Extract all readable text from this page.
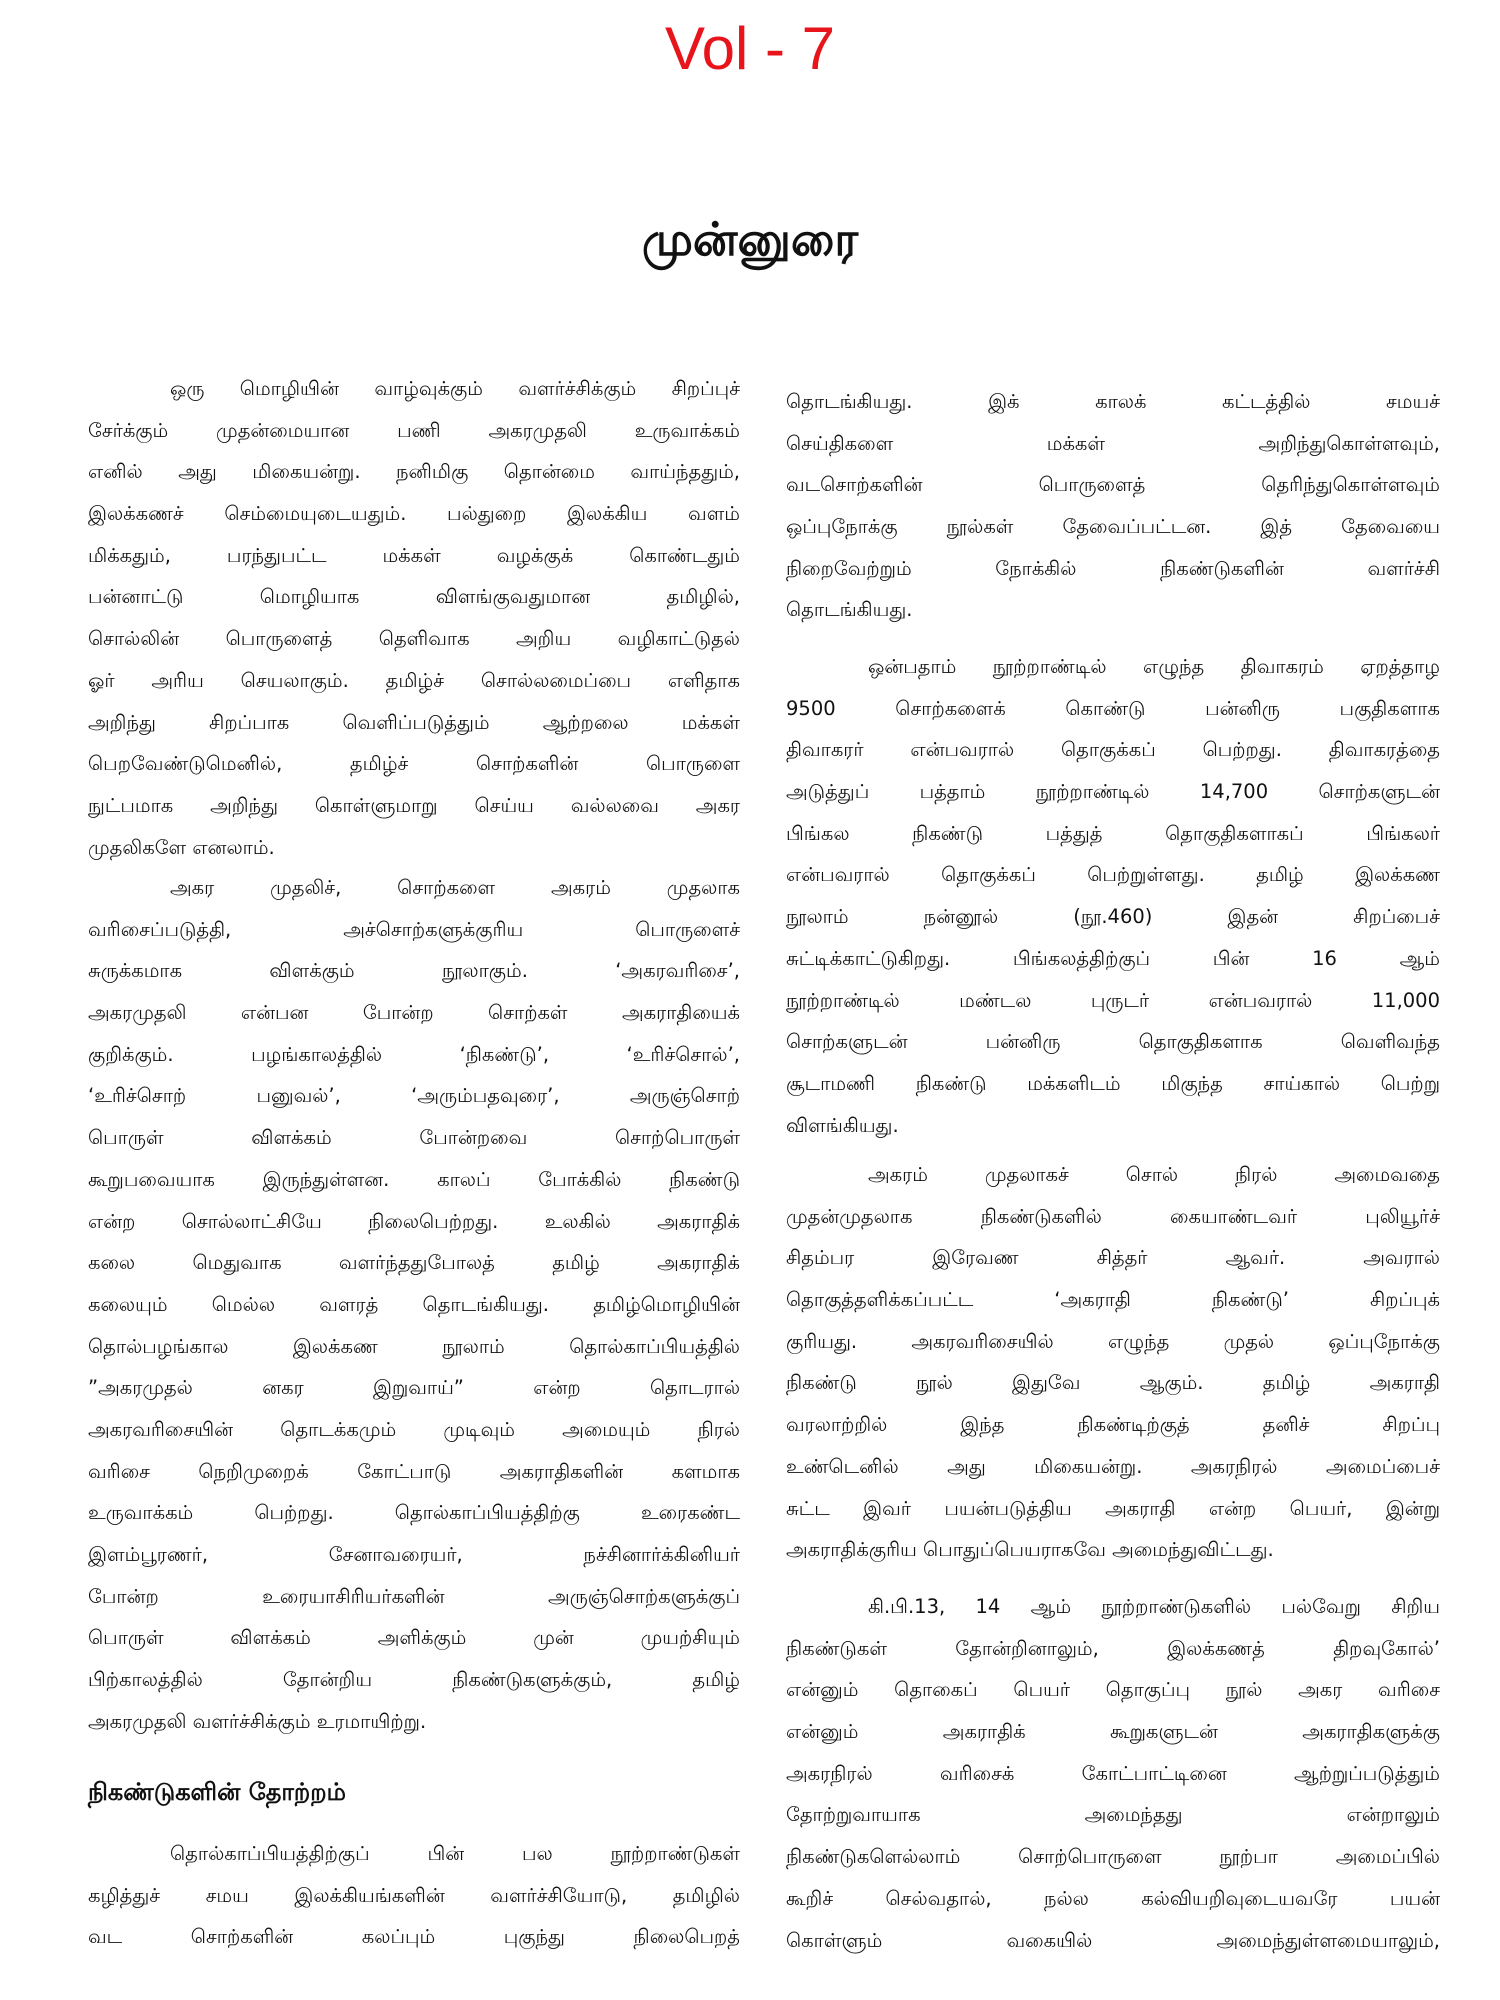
Vol - 7
முன்னுரை
ஒரு மொழியின் வாழ்வுக்கும் வளர்ச்சிக்கும் சிறப்புச்
சேர்க்கும் முதன்மையான பணி அகரமுதலி உருவாக்கம்
எனில் அது மிகையன்று. நனிமிகு தொன்மை வாய்ந்ததும்,
இலக்கணச் செம்மையுடையதும். பல்துறை இலக்கிய வளம்
மிக்கதும், பரந்துபட்ட மக்கள் வழக்குக் கொண்டதும்
பன்னாட்டு மொழியாக விளங்குவதுமான தமிழில்,
சொல்லின் பொருளைத் தெளிவாக அறிய வழிகாட்டுதல்
ஓர் அரிய செயலாகும். தமிழ்ச் சொல்லமைப்பை எளிதாக
அறிந்து சிறப்பாக வெளிப்படுத்தும் ஆற்றலை மக்கள்
பெறவேண்டுமெனில், தமிழ்ச் சொற்களின் பொருளை
நுட்பமாக அறிந்து கொள்ளுமாறு செய்ய வல்லவை அகர
முதலிகளே எனலாம்.
அகர முதலிச், சொற்களை அகரம் முதலாக
வரிசைப்படுத்தி, அச்சொற்களுக்குரிய பொருளைச்
சுருக்கமாக விளக்கும் நூலாகும். ‘அகரவரிசை’,
அகரமுதலி என்பன போன்ற சொற்கள் அகராதியைக்
குறிக்கும். பழங்காலத்தில் ‘நிகண்டு’, ‘உரிச்சொல்’,
‘உரிச்சொற் பனுவல்’, ‘அரும்பதவுரை’, அருஞ்சொற்
பொருள் விளக்கம் போன்றவை சொற்பொருள்
கூறுபவையாக இருந்துள்ளன. காலப் போக்கில் நிகண்டு
என்ற சொல்லாட்சியே நிலைபெற்றது. உலகில் அகராதிக்
கலை மெதுவாக வளர்ந்ததுபோலத் தமிழ் அகராதிக்
கலையும் மெல்ல வளரத் தொடங்கியது. தமிழ்மொழியின்
தொல்பழங்கால இலக்கண நூலாம் தொல்காப்பியத்தில்
”அகரமுதல் னகர இறுவாய்” என்ற தொடரால்
அகரவரிசையின் தொடக்கமும் முடிவும் அமையும் நிரல்
வரிசை நெறிமுறைக் கோட்பாடு அகராதிகளின் களமாக
உருவாக்கம் பெற்றது. தொல்காப்பியத்திற்கு உரைகண்ட
இளம்பூரணர், சேனாவரையர், நச்சினார்க்கினியர்
போன்ற உரையாசிரியர்களின் அருஞ்சொற்களுக்குப்
பொருள் விளக்கம் அளிக்கும் முன் முயற்சியும்
பிற்காலத்தில் தோன்றிய நிகண்டுகளுக்கும், தமிழ்
அகரமுதலி வளர்ச்சிக்கும் உரமாயிற்று.
நிகண்டுகளின் தோற்றம்
தொல்காப்பியத்திற்குப் பின் பல நூற்றாண்டுகள்
கழித்துச் சமய இலக்கியங்களின் வளர்ச்சியோடு, தமிழில்
வட சொற்களின் கலப்பும் புகுந்து நிலைபெறத்
தொடங்கியது. இக் காலக் கட்டத்தில் சமயச்
செய்திகளை மக்கள் அறிந்துகொள்ளவும்,
வடசொற்களின் பொருளைத் தெரிந்துகொள்ளவும்
ஒப்புநோக்கு நூல்கள் தேவைப்பட்டன. இத் தேவையை
நிறைவேற்றும் நோக்கில் நிகண்டுகளின் வளர்ச்சி
தொடங்கியது.
ஒன்பதாம் நூற்றாண்டில் எழுந்த திவாகரம் ஏறத்தாழ
9500 சொற்களைக் கொண்டு பன்னிரு பகுதிகளாக
திவாகரர் என்பவரால் தொகுக்கப் பெற்றது. திவாகரத்தை
அடுத்துப் பத்தாம் நூற்றாண்டில் 14,700 சொற்களுடன்
பிங்கல நிகண்டு பத்துத் தொகுதிகளாகப் பிங்கலர்
என்பவரால் தொகுக்கப் பெற்றுள்ளது. தமிழ் இலக்கண
நூலாம் நன்னூல் (நூ.460) இதன் சிறப்பைச்
சுட்டிக்காட்டுகிறது. பிங்கலத்திற்குப் பின் 16 ஆம்
நூற்றாண்டில் மண்டல புருடர் என்பவரால் 11,000
சொற்களுடன் பன்னிரு தொகுதிகளாக வெளிவந்த
சூடாமணி நிகண்டு மக்களிடம் மிகுந்த சாய்கால் பெற்று
விளங்கியது.
அகரம் முதலாகச் சொல் நிரல் அமைவதை
முதன்முதலாக நிகண்டுகளில் கையாண்டவர் புலியூர்ச்
சிதம்பர இரேவண சித்தர் ஆவர். அவரால்
தொகுத்தளிக்கப்பட்ட ‘அகராதி நிகண்டு’ சிறப்புக்
குரியது. அகரவரிசையில் எழுந்த முதல் ஒப்புநோக்கு
நிகண்டு நூல் இதுவே ஆகும். தமிழ் அகராதி
வரலாற்றில் இந்த நிகண்டிற்குத் தனிச் சிறப்பு
உண்டெனில் அது மிகையன்று. அகரநிரல் அமைப்பைச்
சுட்ட இவர் பயன்படுத்திய அகராதி என்ற பெயர், இன்று
அகராதிக்குரிய பொதுப்பெயராகவே அமைந்துவிட்டது.
கி.பி.13, 14 ஆம் நூற்றாண்டுகளில் பல்வேறு சிறிய
நிகண்டுகள் தோன்றினாலும், இலக்கணத் திறவுகோல்’
என்னும் தொகைப் பெயர் தொகுப்பு நூல் அகர வரிசை
என்னும் அகராதிக் கூறுகளுடன் அகராதிகளுக்கு
அகரநிரல் வரிசைக் கோட்பாட்டினை ஆற்றுப்படுத்தும்
தோற்றுவாயாக அமைந்தது என்றாலும்
நிகண்டுகளெல்லாம் சொற்பொருளை நூற்பா அமைப்பில்
கூறிச் செல்வதால், நல்ல கல்வியறிவுடையவரே பயன்
கொள்ளும் வகையில் அமைந்துள்ளமையாலும்,
